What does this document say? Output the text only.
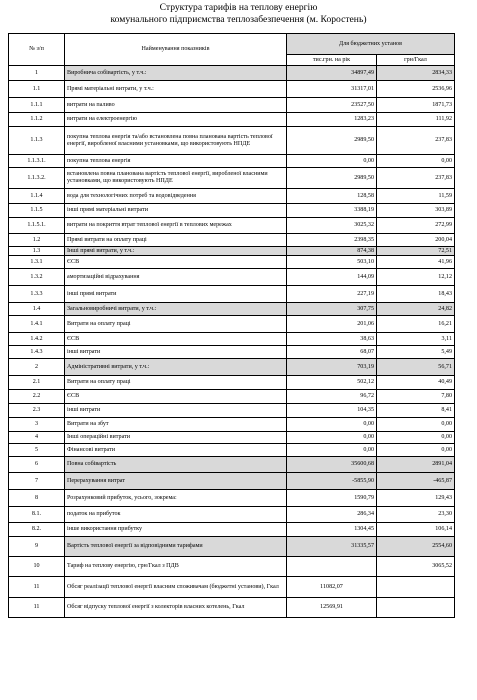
Структура тарифів на теплову енергію
комунального підприємства теплозабезпечення (м. Коростень)
№ з/п	Найменування показників	Для бюджетних установ	
		тис.грн. на рік	грн/Гкал
1	Виробнича собівартість, у т.ч.:	34897,49	2834,33
1.1	Прямі матеріальні витрати, у т.ч.:	31317,01	2536,96
1.1.1	витрати на паливо	23527,50	1871,73
1.1.2	витрати на електроенергію	1283,23	111,92
1.1.3	покупна теплова енергія та/або встановлена повна планована вартість теплової енергії, виробленої власними установками, що використовують НПДЕ	2989,50	237,83
1.1.3.1.	покупна теплова енергія	0,00	0,00
1.1.3.2.	встановлена повна планована вартість теплової енергії, виробленої власними установками, що використовують НПДЕ	2989,50	237,83
1.1.4	вода для технологічних потреб та водовідведення	128,58	11,59
1.1.5	інші прямі матеріальні витрати	3388,19	303,89
1.1.5.1.	витрати на покриття втрат теплової енергії в теплових мережах	3025,32	272,99
1.2	Прямі витрати на оплату праці	2398,35	200,04
1.3	Інші прямі витрати, у т.ч.:	874,38	72,51
1.3.1	ЄСВ	503,10	41,96
1.3.2	амортизаційні відрахування	144,09	12,12
1.3.3	інші прямі витрати	227,19	18,43
1.4	Загальновиробничі витрати, у т.ч.:	307,75	24,82
1.4.1	Витрати на оплату праці	201,06	16,21
1.4.2	ЄСВ	38,63	3,11
1.4.3	інші витрати	68,07	5,49
2	Адміністративні витрати, у т.ч.:	703,19	56,71
2.1	Витрати на оплату праці	502,12	40,49
2.2	ЄСВ	96,72	7,80
2.3	інші витрати	104,35	8,41
3	Витрати на збут	0,00	0,00
4	Інші операційні витрати	0,00	0,00
5	Фінансові витрати	0,00	0,00
6	Повна собівартість	35600,68	2891,04
7	Перерахування витрат	-5855,90	-465,87
8	Розрахунковий прибуток, усього, зокрема:	1590,79	129,43
8.1.	податок на прибуток	286,34	23,30
8.2.	інше використання прибутку	1304,45	106,14
9	Вартість теплової енергії за відповідними тарифами	31335,57	2554,60
10	Тариф на теплову енергію, грн/Гкал з ПДВ		3065,52
11	Обсяг реалізації теплової енергії власним споживачам (бюджетні установи), Гкал	11082,07	
11	Обсяг відпуску теплової енергії з колекторів власних котелень, Гкал	12569,91	
